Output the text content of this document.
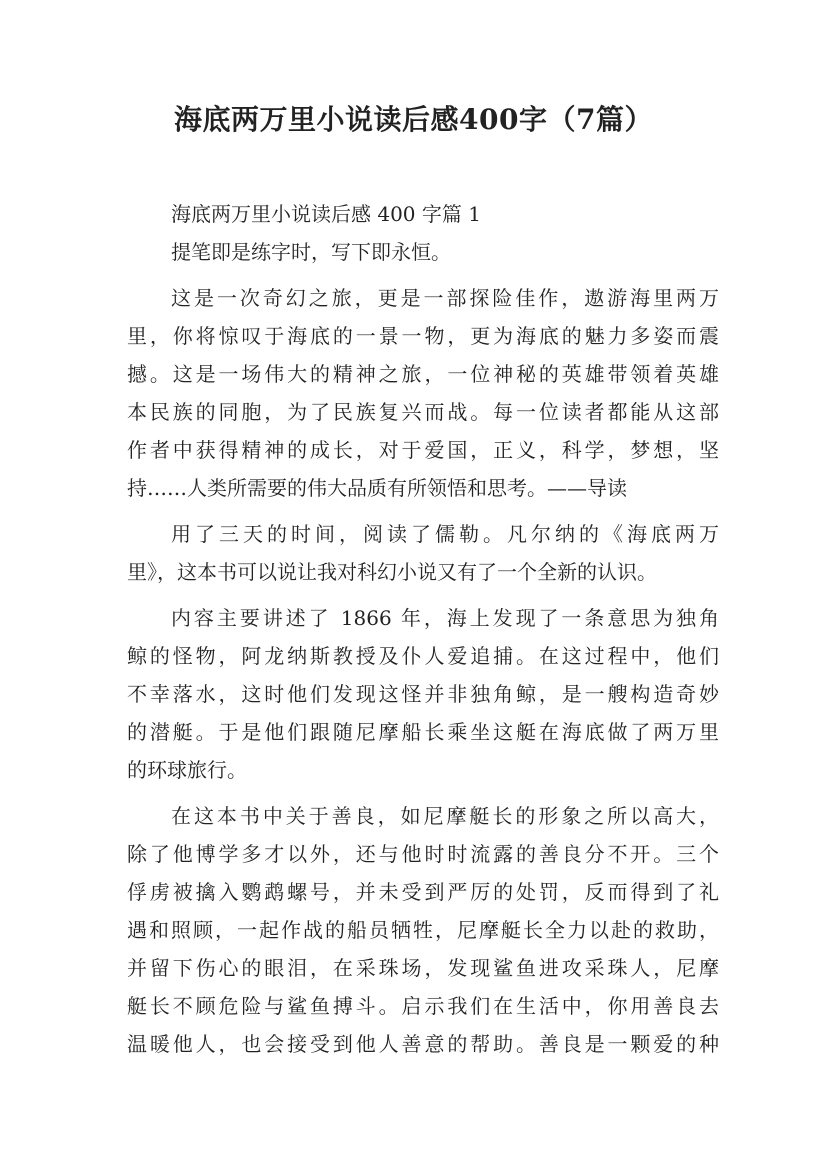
海底两万里小说读后感400字（7篇）
海底两万里小说读后感 400 字篇 1
提笔即是练字时，写下即永恒。
这是一次奇幻之旅，更是一部探险佳作，遨游海里两万
里，你将惊叹于海底的一景一物，更为海底的魅力多姿而震
撼。这是一场伟大的精神之旅，一位神秘的英雄带领着英雄
本民族的同胞，为了民族复兴而战。每一位读者都能从这部
作者中获得精神的成长，对于爱国，正义，科学，梦想，坚
持……人类所需要的伟大品质有所领悟和思考。——导读
用了三天的时间，阅读了儒勒。凡尔纳的《海底两万
里》，这本书可以说让我对科幻小说又有了一个全新的认识。
内容主要讲述了 1866 年，海上发现了一条意思为独角
鲸的怪物，阿龙纳斯教授及仆人爱追捕。在这过程中，他们
不幸落水，这时他们发现这怪并非独角鲸，是一艘构造奇妙
的潜艇。于是他们跟随尼摩船长乘坐这艇在海底做了两万里
的环球旅行。
在这本书中关于善良，如尼摩艇长的形象之所以高大，
除了他博学多才以外，还与他时时流露的善良分不开。三个
俘虏被擒入鹦鹉螺号，并未受到严厉的处罚，反而得到了礼
遇和照顾，一起作战的船员牺牲，尼摩艇长全力以赴的救助，
并留下伤心的眼泪，在采珠场，发现鲨鱼进攻采珠人，尼摩
艇长不顾危险与鲨鱼搏斗。启示我们在生活中，你用善良去
温暖他人，也会接受到他人善意的帮助。善良是一颗爱的种
